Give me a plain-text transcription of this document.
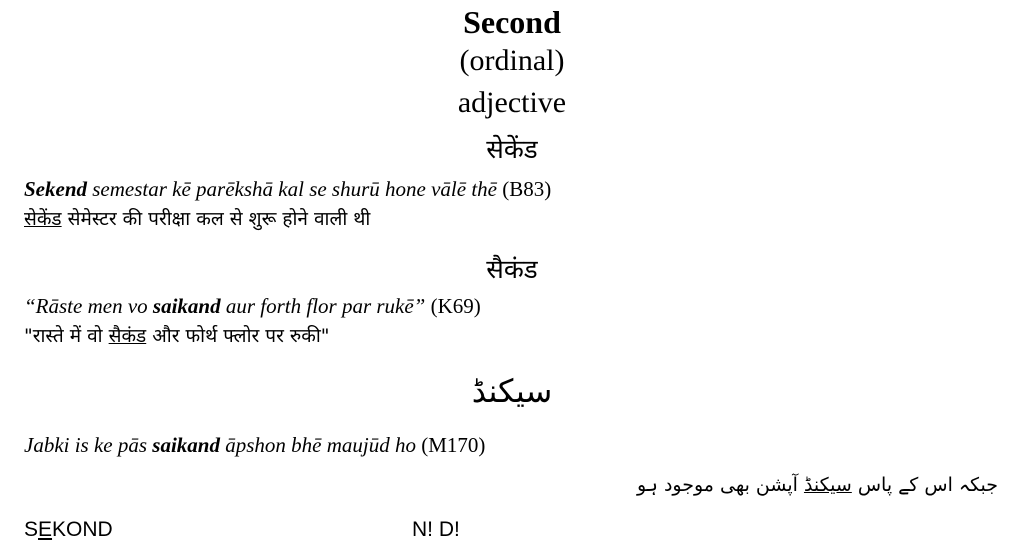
Second
(ordinal)
adjective
सेकेंड
Sekend semestar kē parēkshā kal se shurū hone vālē thē (B83)
सेकेंड सेमेस्टर की परीक्षा कल से शुरू होने वाली थी
सैकंड
“Rāste men vo saikand aur forth flor par rukē” (K69)
"रास्ते में वो सैकंड और फोर्थ फ्लोर पर रुकी"
سیکنڈ
Jabki is ke pās saikand āpshon bhē maujūd ho (M170)
جبکہ اس کے پاس سیکنڈ آپشن بھی موجود ہو
SEKOND	N! D!
